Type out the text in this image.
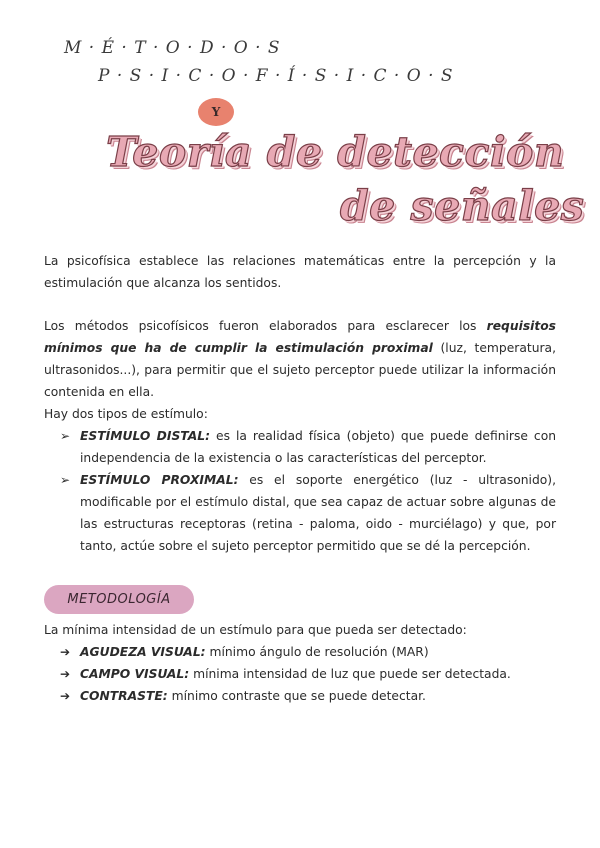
M · É · T · O · D · O · S
P · S · I · C · O · F · Í · S · I · C · O · S
Y
Teoría de detección
de señales

La psicofísica establece las relaciones matemáticas entre la percepción y la estimulación que alcanza los sentidos.

Los métodos psicofísicos fueron elaborados para esclarecer los requisitos mínimos que ha de cumplir la estimulación proximal (luz, temperatura, ultrasonidos...), para permitir que el sujeto perceptor puede utilizar la información contenida en ella.

Hay dos tipos de estímulo:

➢ ESTÍMULO DISTAL: es la realidad física (objeto) que puede definirse con independencia de la existencia o las características del perceptor.
➢ ESTÍMULO PROXIMAL: es el soporte energético (luz - ultrasonido), modificable por el estímulo distal, que sea capaz de actuar sobre algunas de las estructuras receptoras (retina - paloma, oido - murciélago) y que, por tanto, actúe sobre el sujeto perceptor permitido que se dé la percepción.
METODOLOGÍA

La mínima intensidad de un estímulo para que pueda ser detectado:

➔ AGUDEZA VISUAL: mínimo ángulo de resolución (MAR)
➔ CAMPO VISUAL: mínima intensidad de luz que puede ser detectada.
➔ CONTRASTE: mínimo contraste que se puede detectar.
